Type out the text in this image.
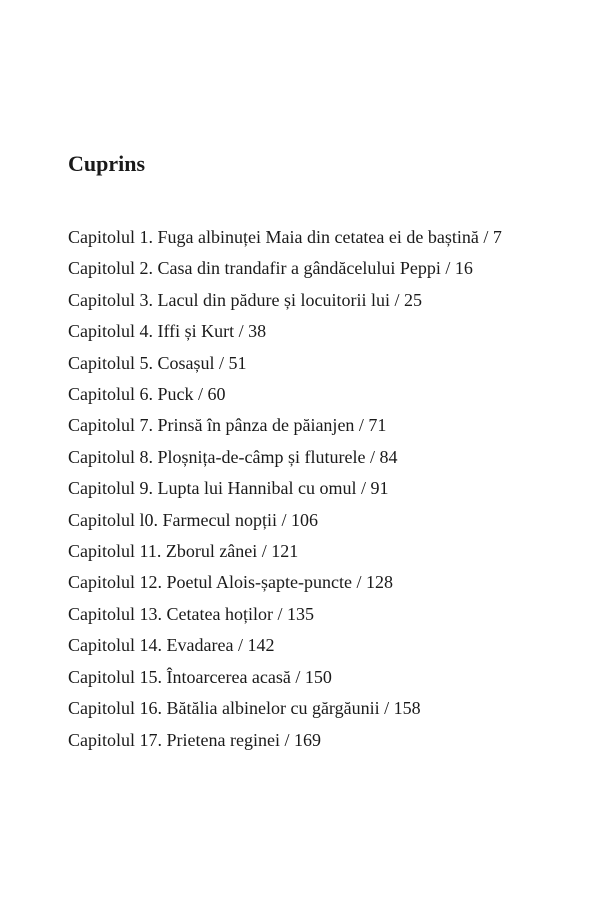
Cuprins
Capitolul 1. Fuga albinuței Maia din cetatea ei de baștină / 7
Capitolul 2. Casa din trandafir a gândăcelului Peppi / 16
Capitolul 3. Lacul din pădure și locuitorii lui / 25
Capitolul 4. Iffi și Kurt / 38
Capitolul 5. Cosașul / 51
Capitolul 6. Puck / 60
Capitolul 7. Prinsă în pânza de păianjen / 71
Capitolul 8. Ploșnița-de-câmp și fluturele / 84
Capitolul 9. Lupta lui Hannibal cu omul / 91
Capitolul l0. Farmecul nopții / 106
Capitolul 11. Zborul zânei / 121
Capitolul 12. Poetul Alois-șapte-puncte / 128
Capitolul 13. Cetatea hoților / 135
Capitolul 14. Evadarea / 142
Capitolul 15. Întoarcerea acasă / 150
Capitolul 16. Bătălia albinelor cu gărgăunii / 158
Capitolul 17. Prietena reginei / 169
